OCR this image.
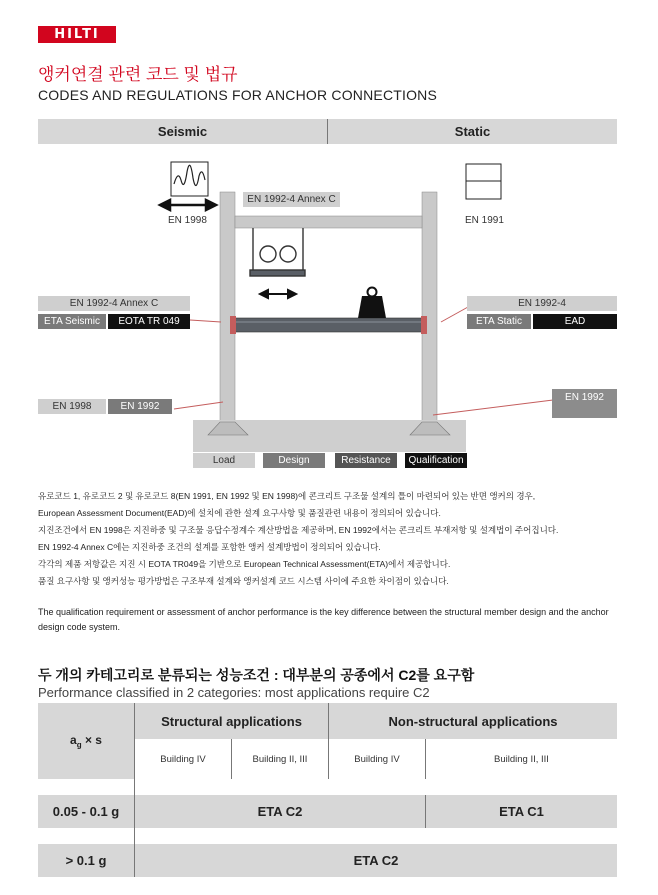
HILTI
앵커연결 관련 코드 및 법규
CODES AND REGULATIONS FOR ANCHOR CONNECTIONS
Seismic	Static
EN 1998	EN 1991
EN 1992-4 Annex C
EN 1992-4 Annex C
ETA Seismic	EOTA TR 049
EN 1992-4
ETA Static	EAD
EN 1998	EN 1992
EN 1992
Load	Design	Resistance	Qualification
유로코드 1, 유로코드 2 및 유로코드 8(EN 1991, EN 1992 및 EN 1998)에 콘크리트 구조물 설계의 틀이 마련되어 있는 반면 앵커의 경우,
European Assessment Document(EAD)에 설치에 관한 설계 요구사항 및 품질관련 내용이 정의되어 있습니다.
지진조건에서 EN 1998은 지진하중 및 구조물 응답수정계수 계산방법을 제공하며, EN 1992에서는 콘크리트 부재저항 및 설계법이 주어집니다.
EN 1992-4 Annex C에는 지진하중 조건의 설계를 포함한 앵커 설계방법이 정의되어 있습니다.
각각의 제품 저항값은 지진 시 EOTA TR049을 기반으로 European Technical Assessment(ETA)에서 제공합니다.
품질 요구사항 및 앵커성능 평가방법은 구조부재 설계와 앵커설계 코드 시스템 사이에 주요한 차이점이 있습니다.
The qualification requirement or assessment of anchor performance is the key difference between the structural member design and the anchor design code system.
두 개의 카테고리로 분류되는 성능조건 : 대부분의 공종에서 C2를 요구함
Performance classified in 2 categories: most applications require C2
$a_g \times s$	Structural applications		Non-structural applications	
	Building IV	Building II, III	Building IV	Building II, III

0.05 - 0.1 g	ETA C2			ETA C1

> 0.1 g	ETA C2			
